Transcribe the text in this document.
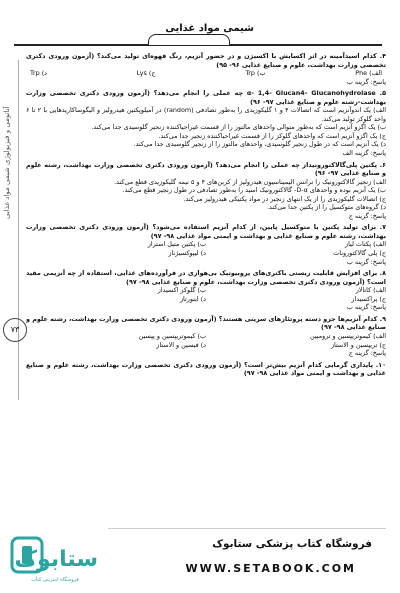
شیمی مواد غذایی
آناتومی و فیزیولوژی شیمی مواد غذایی
۷۳
۴. کدام اسیدآمینه در اثر اکسایش با اکسیژن و در حضور آنزیم، رنگ قهوه‌ای تولید می‌کند؟ (آزمون ورودی دکتری تخصصی وزارت بهداشت، علوم و صنایع غذایی ۹۶- ۹۵)
الف) Phe
ب) Trp
ج) Lys
د) Trp
پاسخ: گزینه ب
۵. α- 1,4- Glucan4- Glucanohydrolase چه عملی را انجام می‌دهد؟ (آزمون ورودی دکتری تخصصی وزارت بهداشت-رشته علوم و صنایع غذایی ۹۷- ۹۶)
الف) یک اندوآنزیم است که اتصالات ۴ و ۱ گلیکوزیدی را به‌طور تصادفی (random) در آمیلوپکتین هیدرولیز و الیگوساکاریدهایی با ۲ تا ۶ واحد گلوکز تولید می‌کند.
ب) یک اگزو آنزیم است که به‌طور متوالی واحدهای مالتوز را از قسمت غیراحیاکننده زنجیر گلوسیدی جدا می‌کند.
ج) یک اگزو آنزیم است که واحدهای گلوکز را از قسمت غیراحیاکننده زنجیر جدا می‌کند.
د) یک آنزیم است که در طول زنجیر گلوسیدی، واحدهای مالتوز را از زنجیر گلوسیدی جدا می‌کند.
پاسخ: گزینه الف
۶. پکتین پلی‌گالاکتورونیداز چه عملی را انجام می‌دهد؟ (آزمون ورودی دکتری تخصصی وزارت بهداشت، رشته علوم و صنایع غذایی ۹۷- ۹۶)
الف) زنجیر گالاکتورونیک را ترانس الیمیناسیون هیدرولیز از کربن‌های ۴ و ۵ نیمه گلیکوزیدی قطع می‌کند.
ب) یک آنزیم بوده و واحدهای D-α- گالاکتورونیک اسید را به‌طور تصادفی در طول زنجیر قطع می‌کند.
ج) اتصالات گلیکوزیدی را از یک انتهای زنجیر در مواد پکتیکی هیدرولیز می‌کند.
د) گروه‌های متوکسیل را از پکتین جدا می‌کند.
پاسخ: گزینه ج
۷. برای تولید پکتین با متوکسیل پایین، از کدام آنزیم استفاده می‌شود؟ (آزمون ورودی دکتری تخصصی وزارت بهداشت، رشته علوم و صنایع غذایی و بهداشت و ایمنی مواد غذایی ۹۸- ۹۷)
الف) پکتات لیاز
ب) پکتین متیل استراز
ج) پلی گالاکتورونات
د) لیپوکسیژناز
پاسخ: گزینه ب
۸. برای افزایش قابلیت زیستی باکتری‌های پروبیوتیک بی‌هوازی در فرآورده‌های غذایی، استفاده از چه آنزیمی مفید است؟ (آزمون ورودی دکتری تخصصی وزارت بهداشت، علوم و صنایع غذایی ۹۸- ۹۷)
الف) کاتالاز
ب) گلوکز اکسیداز
ج) پراکسیداز
د) اینورتاز
پاسخ: گزینه ب
۹. کدام آنزیم‌ها جزو دسته پروتئازهای سرینی هستند؟ (آزمون ورودی دکتری تخصصی وزارت بهداشت، رشته علوم و صنایع غذایی ۹۸- ۹۷)
الف) کیموتریپسین و ترومبین
ب) کیموتریپسین و پپسین
ج) تریپسین و الاستاز
د) فیسین و الاستاز
پاسخ: گزینه ج
۱۰. پایداری گرمایی کدام آنزیم بیش‌تر است؟ (آزمون ورودی دکتری تخصصی وزارت بهداشت، رشته علوم و صنایع غذایی و بهداشت و ایمنی مواد غذایی ۹۸- ۹۷)
ستابوک
فروشگاه اینترنتی کتاب
فروشگاه کتاب پزشکی ستابوک
WWW.SETABOOK.COM
